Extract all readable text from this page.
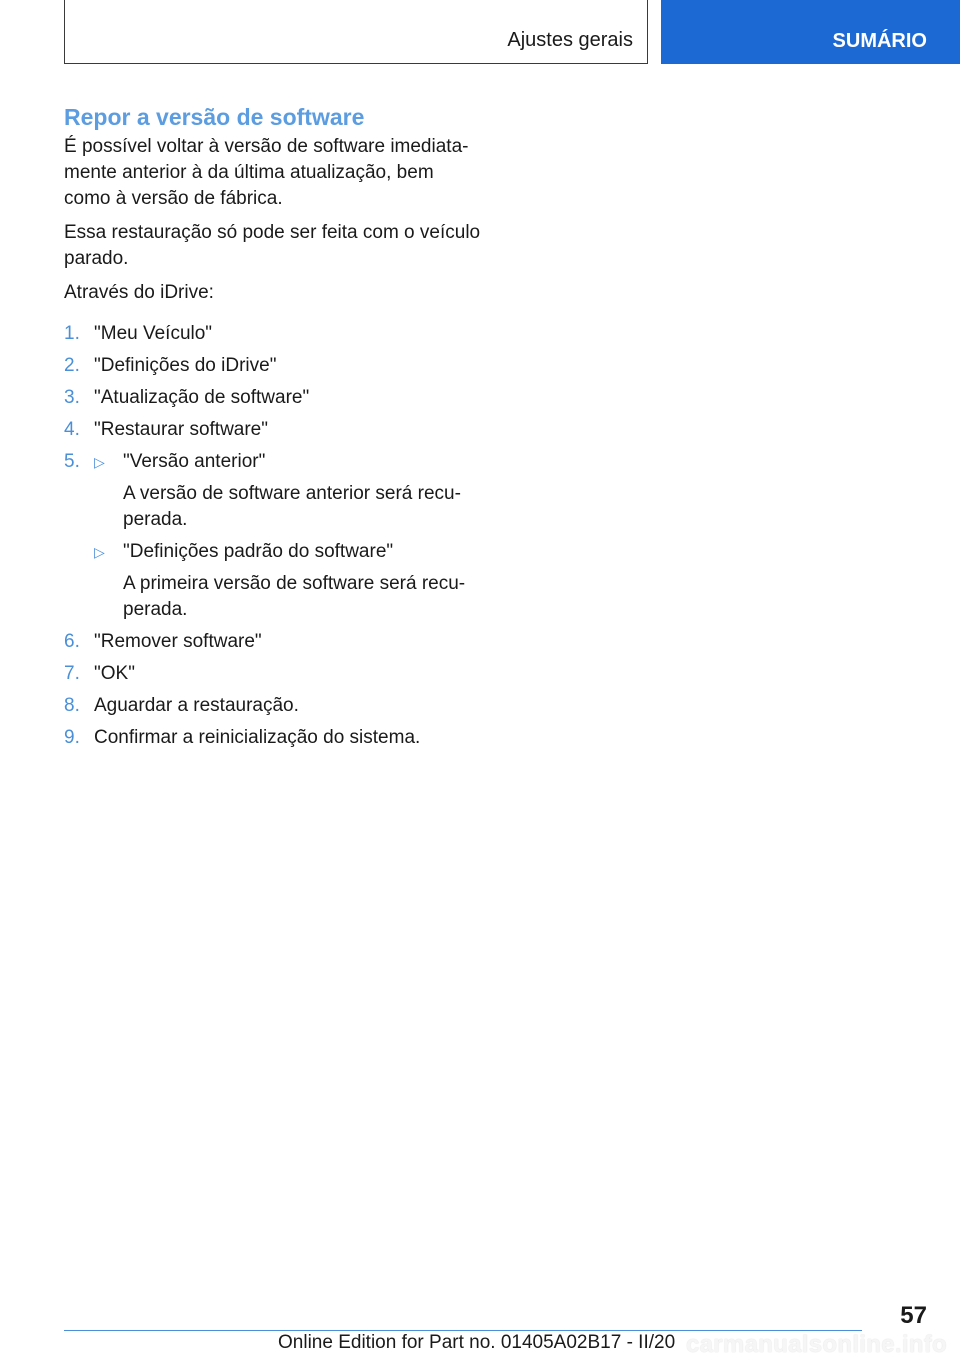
Ajustes gerais	SUMÁRIO
Repor a versão de software

É possível voltar à versão de software imediata-mente anterior à da última atualização, bem como à versão de fábrica.

Essa restauração só pode ser feita com o veículo parado.

Através do iDrive:

1. "Meu Veículo"
2. "Definições do iDrive"
3. "Atualização de software"
4. "Restaurar software"
5. ▷ "Versão anterior"
A versão de software anterior será recu-perada.
▷ "Definições padrão do software"
A primeira versão de software será recu-perada.
6. "Remover software"
7. "OK"
8. Aguardar a restauração.
9. Confirmar a reinicialização do sistema.
57
Online Edition for Part no. 01405A02B17 - II/20 carmanualsonline.info
